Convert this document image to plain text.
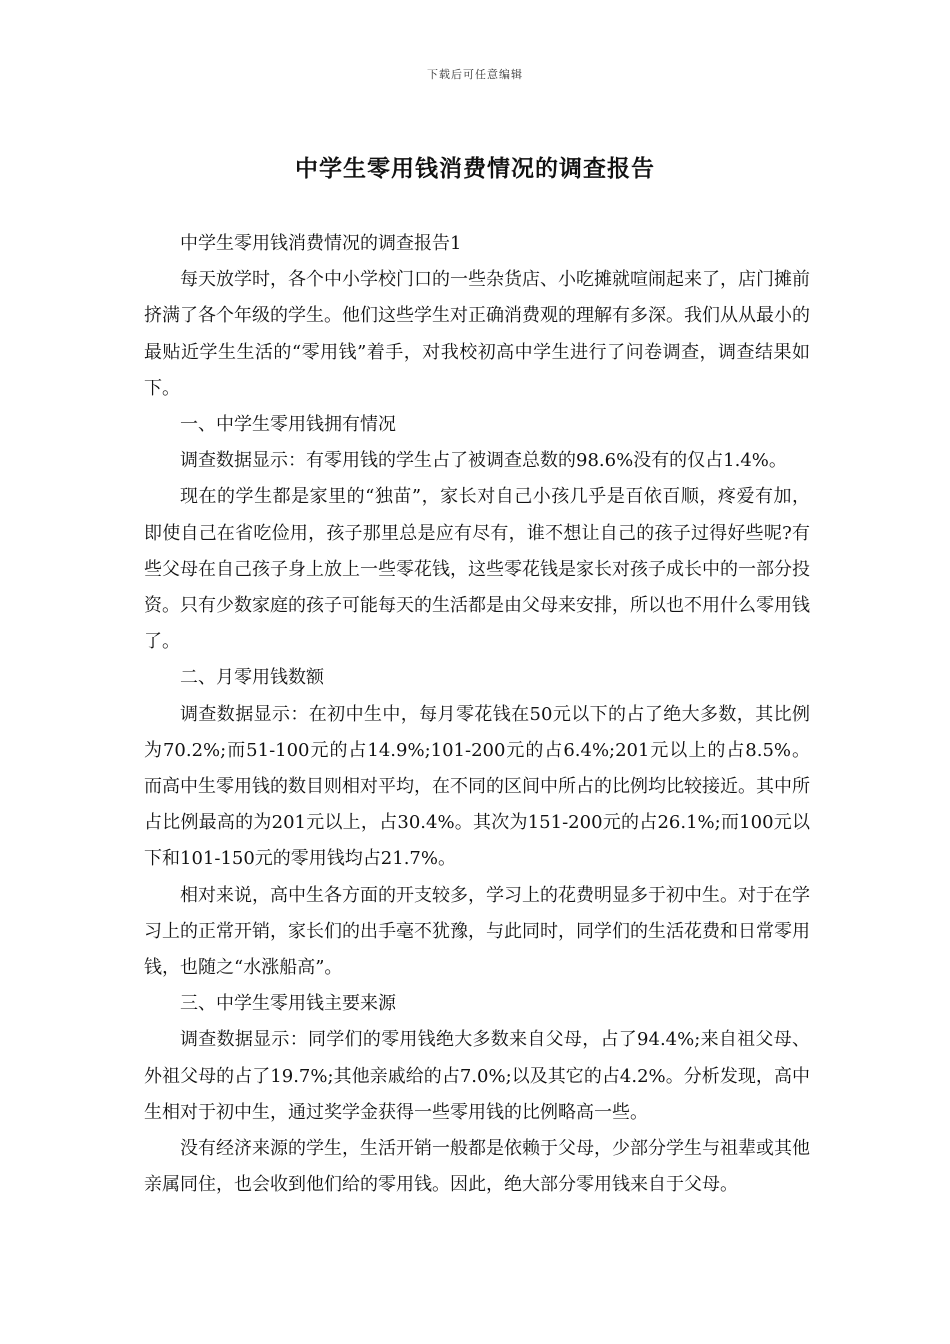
下载后可任意编辑
中学生零用钱消费情况的调查报告

中学生零用钱消费情况的调查报告1

每天放学时，各个中小学校门口的一些杂货店、小吃摊就喧闹起来了，店门摊前挤满了各个年级的学生。他们这些学生对正确消费观的理解有多深。我们从从最小的最贴近学生生活的“零用钱”着手，对我校初高中学生进行了问卷调查，调查结果如下。

一、中学生零用钱拥有情况

调查数据显示：有零用钱的学生占了被调查总数的98.6%没有的仅占1.4%。

现在的学生都是家里的“独苗”，家长对自己小孩几乎是百依百顺，疼爱有加，即使自己在省吃俭用，孩子那里总是应有尽有，谁不想让自己的孩子过得好些呢?有些父母在自己孩子身上放上一些零花钱，这些零花钱是家长对孩子成长中的一部分投资。只有少数家庭的孩子可能每天的生活都是由父母来安排，所以也不用什么零用钱了。

二、月零用钱数额

调查数据显示：在初中生中，每月零花钱在50元以下的占了绝大多数，其比例为70.2%;而51-100元的占14.9%;101-200元的占6.4%;201元以上的占8.5%。而高中生零用钱的数目则相对平均，在不同的区间中所占的比例均比较接近。其中所占比例最高的为201元以上，占30.4%。其次为151-200元的占26.1%;而100元以下和101-150元的零用钱均占21.7%。

相对来说，高中生各方面的开支较多，学习上的花费明显多于初中生。对于在学习上的正常开销，家长们的出手毫不犹豫，与此同时，同学们的生活花费和日常零用钱，也随之“水涨船高”。

三、中学生零用钱主要来源

调查数据显示：同学们的零用钱绝大多数来自父母，占了94.4%;来自祖父母、外祖父母的占了19.7%;其他亲戚给的占7.0%;以及其它的占4.2%。分析发现，高中生相对于初中生，通过奖学金获得一些零用钱的比例略高一些。

没有经济来源的学生，生活开销一般都是依赖于父母，少部分学生与祖辈或其他亲属同住，也会收到他们给的零用钱。因此，绝大部分零用钱来自于父母。
